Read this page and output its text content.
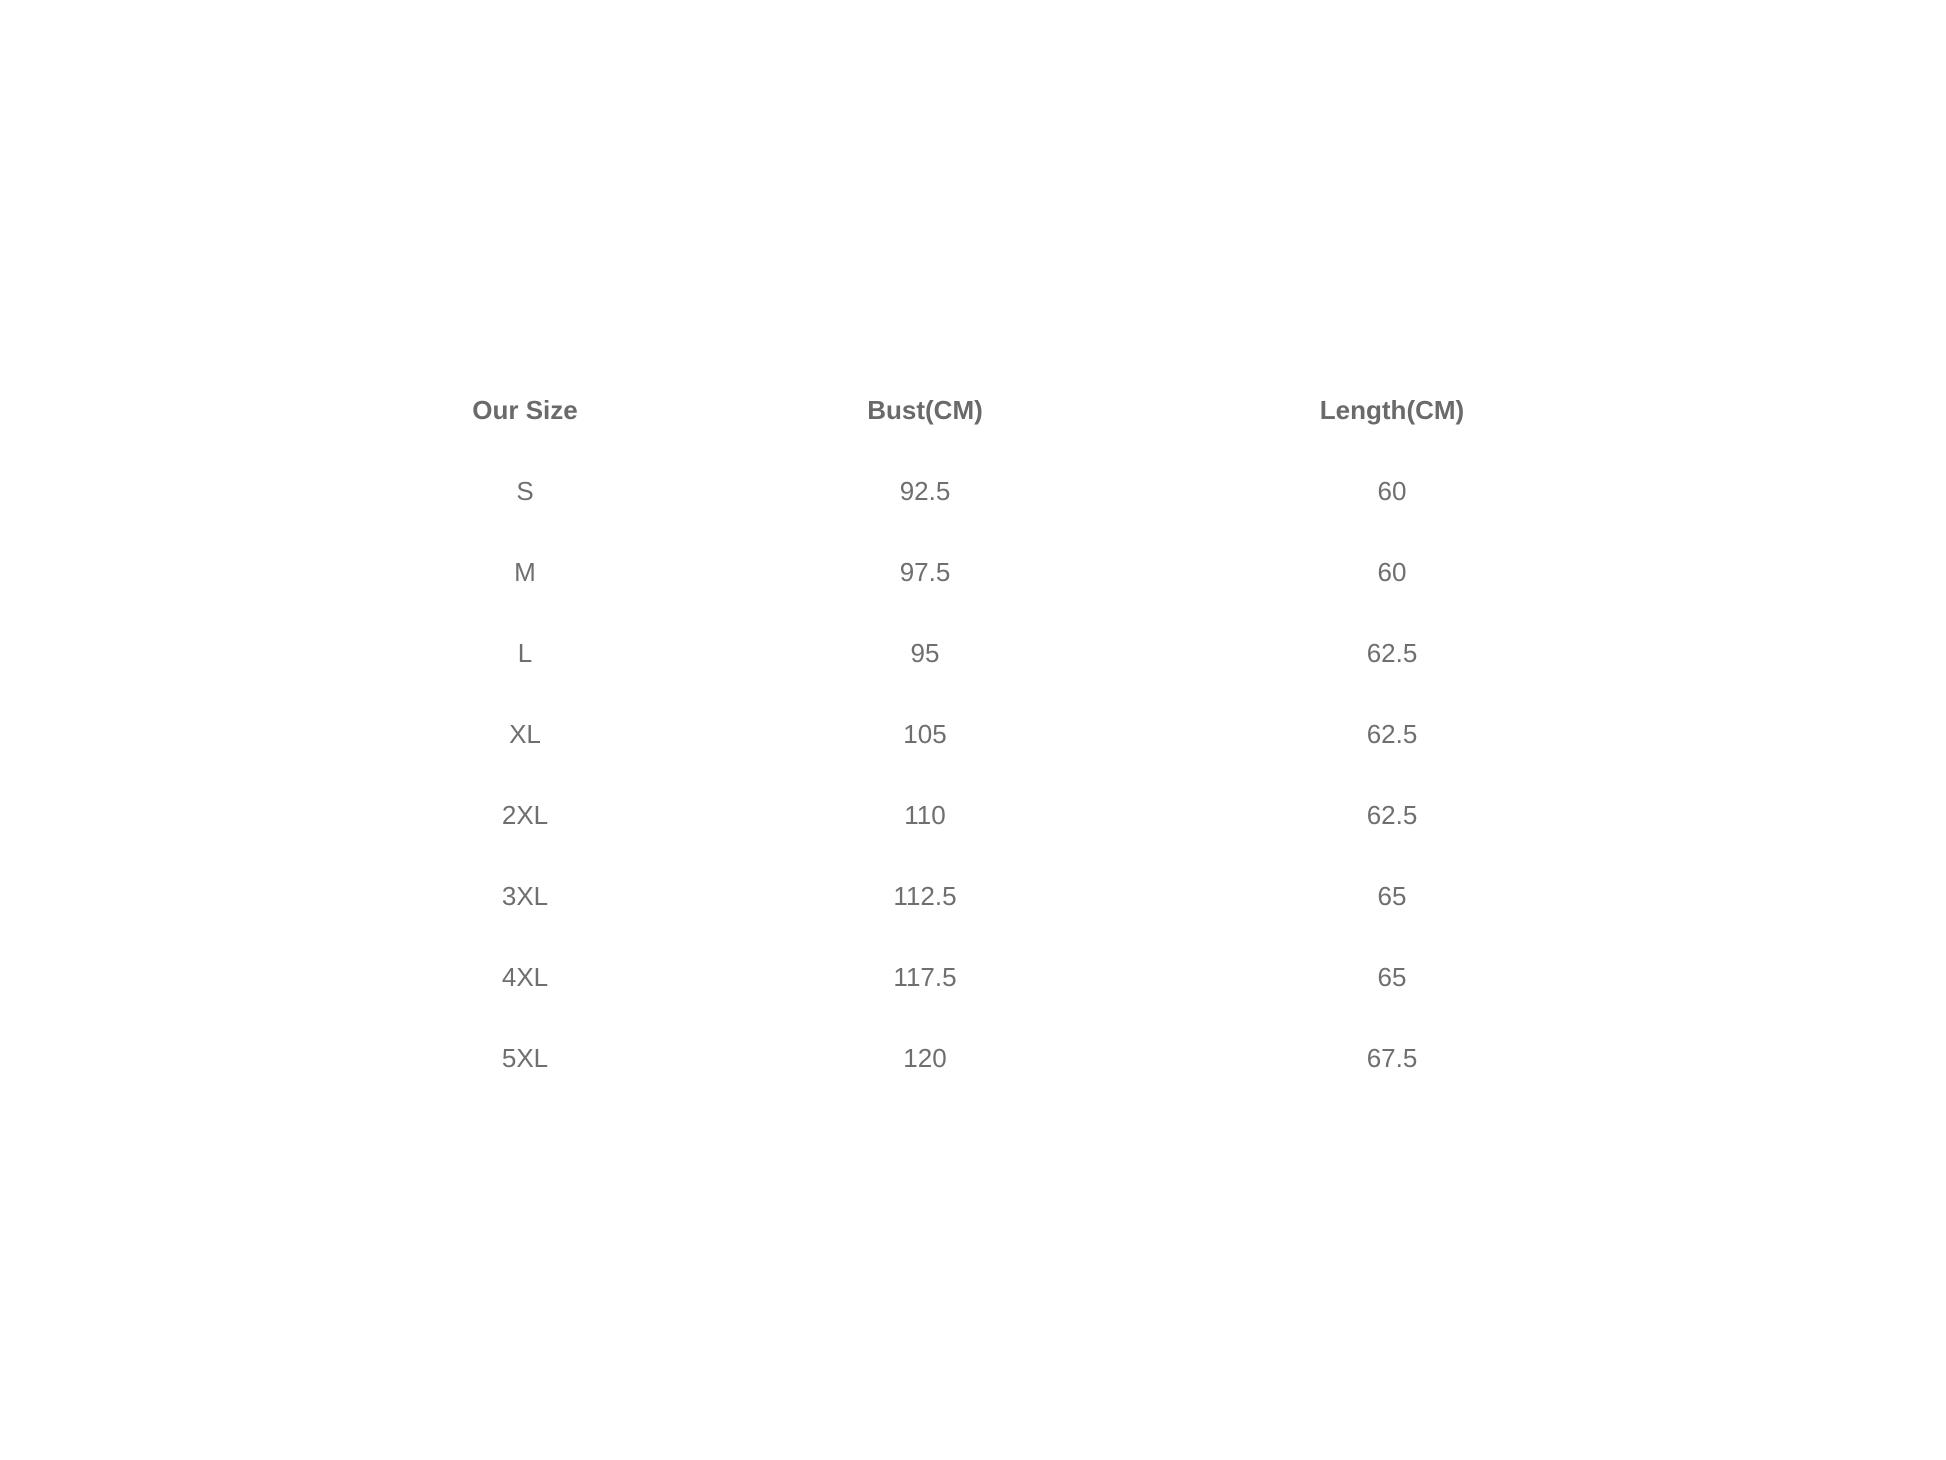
Our Size	Bust(CM)	Length(CM)
S	92.5	60
M	97.5	60
L	95	62.5
XL	105	62.5
2XL	110	62.5
3XL	112.5	65
4XL	117.5	65
5XL	120	67.5
